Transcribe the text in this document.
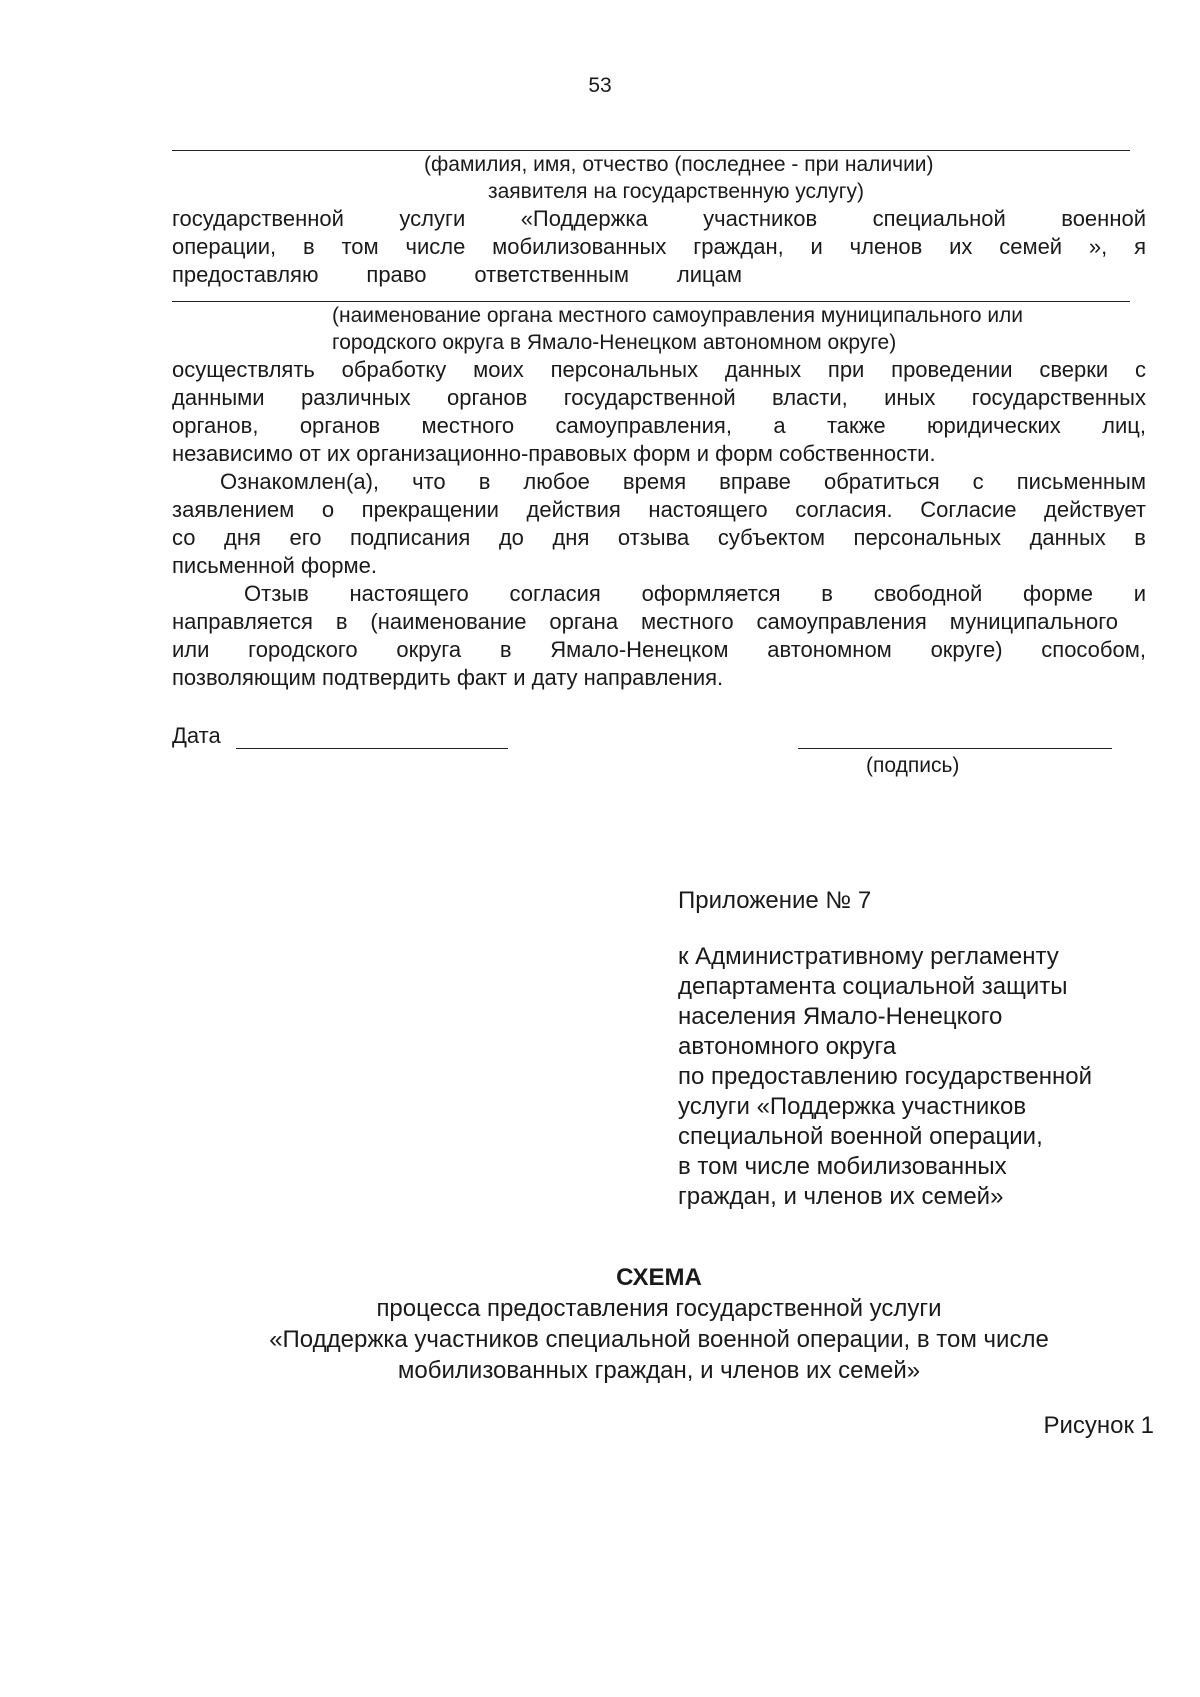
53
(фамилия, имя, отчество (последнее - при наличии)
заявителя на государственную услугу)
государственной услуги «Поддержка участников специальной военной
операции, в том числе мобилизованных граждан, и членов их семей », я
предоставляю право ответственным лицам
(наименование органа местного самоуправления муниципального или
городского округа в Ямало-Ненецком автономном округе)
осуществлять обработку моих персональных данных при проведении сверки с
данными различных органов государственной власти, иных государственных
органов, органов местного самоуправления, а также юридических лиц,
независимо от их организационно-правовых форм и форм собственности.
Ознакомлен(а), что в любое время вправе обратиться с письменным
заявлением о прекращении действия настоящего согласия. Согласие действует
со дня его подписания до дня отзыва субъектом персональных данных в
письменной форме.
Отзыв настоящего согласия оформляется в свободной форме и
направляется в (наименование органа местного самоуправления муниципального
или городского округа в Ямало-Ненецком автономном округе) способом,
позволяющим подтвердить факт и дату направления.
Дата
(подпись)
Приложение № 7
к Административному регламенту
департамента социальной защиты
населения Ямало-Ненецкого
автономного округа
по предоставлению государственной
услуги «Поддержка участников
специальной военной операции,
в том числе мобилизованных
граждан, и членов их семей»
СХЕМА
процесса предоставления государственной услуги
«Поддержка участников специальной военной операции, в том числе
мобилизованных граждан, и членов их семей»
Рисунок 1
